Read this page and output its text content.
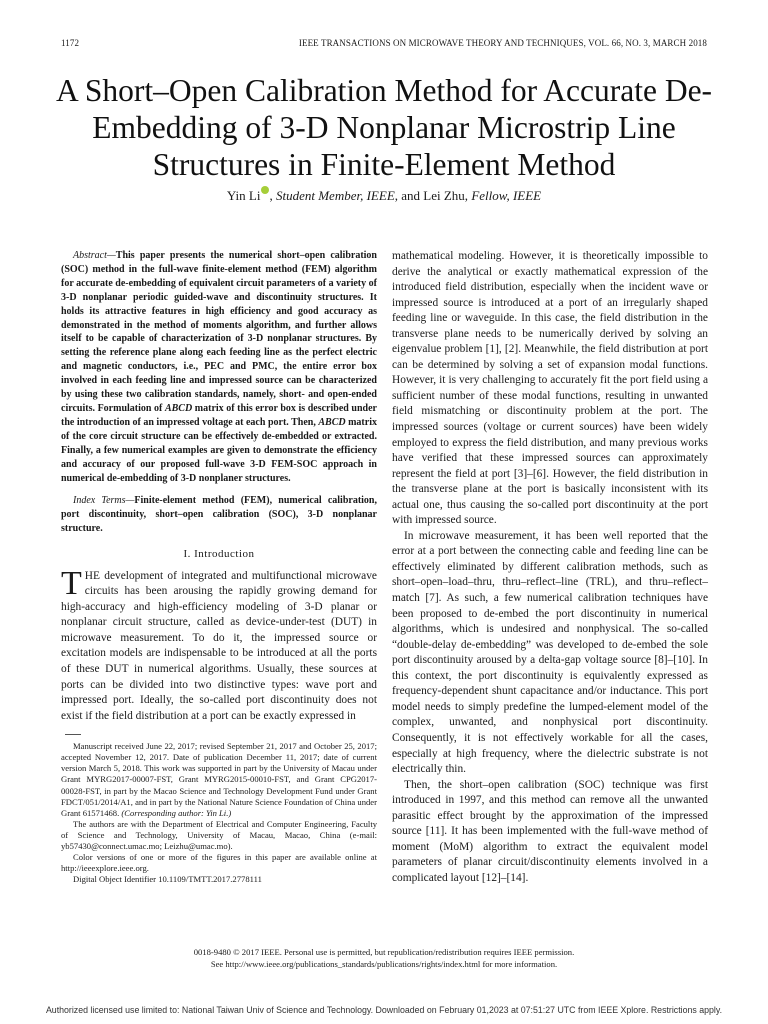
1172	IEEE TRANSACTIONS ON MICROWAVE THEORY AND TECHNIQUES, VOL. 66, NO. 3, MARCH 2018
A Short–Open Calibration Method for Accurate De-Embedding of 3-D Nonplanar Microstrip Line Structures in Finite-Element Method
Yin Li , Student Member, IEEE, and Lei Zhu, Fellow, IEEE

Abstract—This paper presents the numerical short–open calibration (SOC) method in the full-wave finite-element method (FEM) algorithm for accurate de-embedding of equivalent circuit parameters of a variety of 3-D nonplanar periodic guided-wave and discontinuity structures. It holds its attractive features in high efficiency and good accuracy as demonstrated in the method of moments algorithm, and further allows itself to be capable of characterization of 3-D nonplanar structures. By setting the reference plane along each feeding line as the perfect electric and magnetic conductors, i.e., PEC and PMC, the entire error box involved in each feeding line and impressed source can be characterized by using these two calibration standards, namely, short- and open-ended circuits. Formulation of ABCD matrix of this error box is described under the introduction of an impressed voltage at each port. Then, ABCD matrix of the core circuit structure can be effectively de-embedded or extracted. Finally, a few numerical examples are given to demonstrate the efficiency and accuracy of our proposed full-wave 3-D FEM-SOC approach in numerical de-embedding of 3-D nonplaner structures.

Index Terms—Finite-element method (FEM), numerical calibration, port discontinuity, short–open calibration (SOC), 3-D nonplanar structure.

I. Introduction

THE development of integrated and multifunctional microwave circuits has been arousing the rapidly growing demand for high-accuracy and high-efficiency modeling of 3-D planar or nonplanar circuit structure, called as device-under-test (DUT) in microwave measurement. To do it, the impressed source or excitation models are indispensable to be introduced at all the ports of these DUT in numerical algorithms. Usually, these sources at ports can be divided into two distinctive types: wave port and impressed port. Ideally, the so-called port discontinuity does not exist if the field distribution at a port can be exactly expressed in

Manuscript received June 22, 2017; revised September 21, 2017 and October 25, 2017; accepted November 12, 2017. Date of publication December 11, 2017; date of current version March 5, 2018. This work was supported in part by the University of Macau under Grant MYRG2017-00007-FST, Grant MYRG2015-00010-FST, and Grant CPG2017-00028-FST, in part by the Macao Science and Technology Development Fund under Grant FDCT/051/2014/A1, and in part by the National Nature Science Foundation of China under Grant 61571468. (Corresponding author: Yin Li.)

The authors are with the Department of Electrical and Computer Engineering, Faculty of Science and Technology, University of Macau, Macao, China (e-mail: yb57430@connect.umac.mo; Leizhu@umac.mo).

Color versions of one or more of the figures in this paper are available online at http://ieeexplore.ieee.org.

Digital Object Identifier 10.1109/TMTT.2017.2778111

mathematical modeling. However, it is theoretically impossible to derive the analytical or exactly mathematical expression of the introduced field distribution, especially when the incident wave or impressed source is introduced at a port of an irregularly shaped feeding line or waveguide. In this case, the field distribution in the transverse plane needs to be numerically derived by solving an eigenvalue problem [1], [2]. Meanwhile, the field distribution at port can be determined by solving a set of expansion modal functions. However, it is very challenging to accurately fit the port field using a sufficient number of these modal functions, resulting in unwanted field mismatching or discontinuity problem at the port. The impressed sources (voltage or current sources) have been widely employed to express the field distribution, and many previous works have verified that these impressed sources can approximately represent the field at port [3]–[6]. However, the field distribution in the transverse plane at the port is basically inconsistent with its actual one, thus causing the so-called port discontinuity at the port with impressed source.

In microwave measurement, it has been well reported that the error at a port between the connecting cable and feeding line can be effectively eliminated by different calibration methods, such as short–open–load–thru, thru–reflect–line (TRL), and thru–reflect–match [7]. As such, a few numerical calibration techniques have been proposed to de-embed the port discontinuity in numerical algorithms, which is undesired and nonphysical. The so-called “double-delay de-embedding” was developed to de-embed the sole port discontinuity aroused by a delta-gap voltage source [8]–[10]. In this context, the port discontinuity is equivalently expressed as frequency-dependent shunt capacitance and/or inductance. This port model needs to simply predefine the lumped-element model of the complex, unwanted, and nonphysical port discontinuity. Consequently, it is not effectively workable for all the cases, especially at high frequency, where the dielectric substrate is not electrically thin.

Then, the short–open calibration (SOC) technique was first introduced in 1997, and this method can remove all the unwanted parasitic effect brought by the approximation of the impressed source [11]. It has been implemented with the full-wave method of moment (MoM) algorithm to extract the equivalent model parameters of planar circuit/discontinuity elements involved in a complicated layout [12]–[14].

0018-9480 © 2017 IEEE. Personal use is permitted, but republication/redistribution requires IEEE permission.
See http://www.ieee.org/publications_standards/publications/rights/index.html for more information.
Authorized licensed use limited to: National Taiwan Univ of Science and Technology. Downloaded on February 01,2023 at 07:51:27 UTC from IEEE Xplore. Restrictions apply.
